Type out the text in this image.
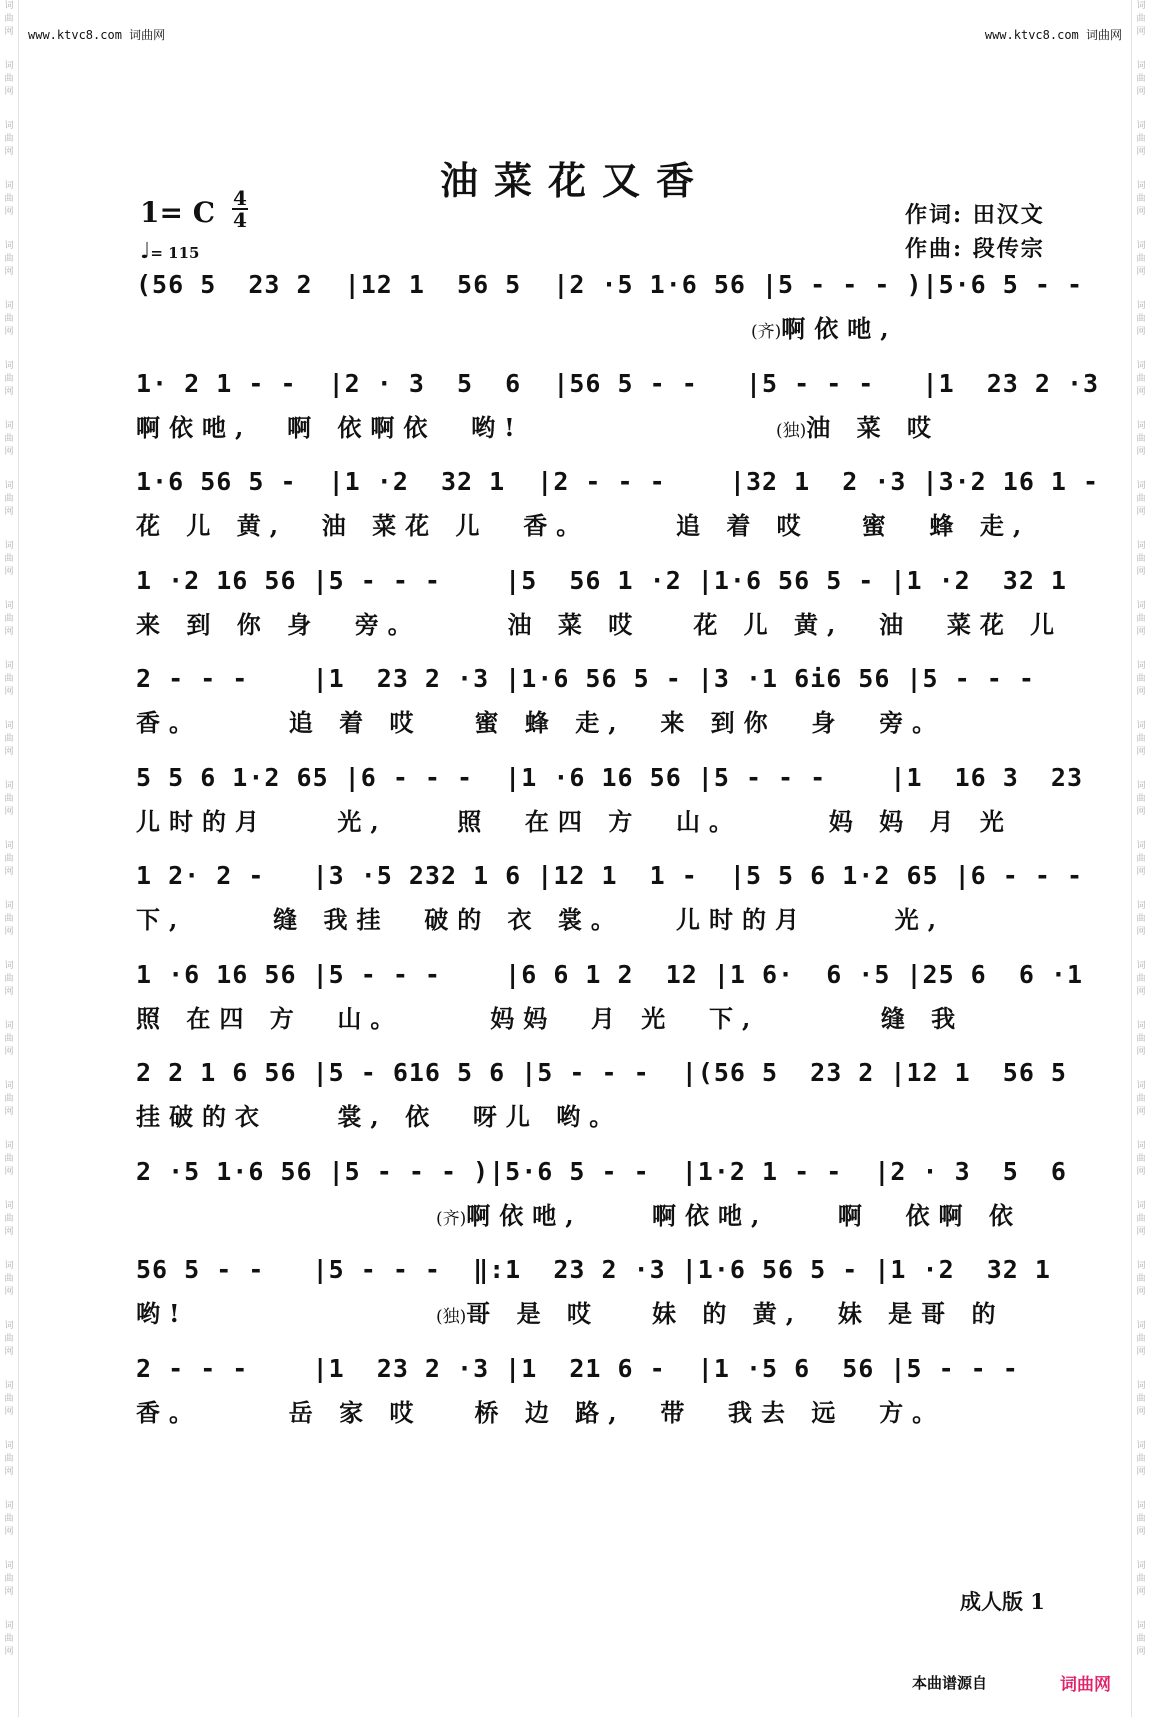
词
曲
网
词
曲
网
词
曲
网
词
曲
网
词
曲
网
词
曲
网
词
曲
网
词
曲
网
词
曲
网
词
曲
网
词
曲
网
词
曲
网
词
曲
网
词
曲
网
词
曲
网
词
曲
网
词
曲
网
词
曲
网
词
曲
网
词
曲
网
词
曲
网
词
曲
网
词
曲
网
词
曲
网
词
曲
网
词
曲
网
词
曲
网
词
曲
网
词
曲
网
词
曲
网
词
曲
网
词
曲
网
词
曲
网
词
曲
网
词
曲
网
词
曲
网
词
曲
网
词
曲
网
词
曲
网
词
曲
网
词
曲
网
词
曲
网
词
曲
网
词
曲
网
词
曲
网
词
曲
网
词
曲
网
词
曲
网
词
曲
网
词
曲
网
词
曲
网
词
曲
网
词
曲
网
词
曲
网
词
曲
网
词
曲
网
www.ktvc8.com 词曲网	www.ktvc8.com 词曲网
油菜花又香
1= C 4
4
♩= 115
作词: 田汉文
作曲: 段传宗
(56 5  23 2  |12 1  56 5  |2 ·5 1·6 56 |5 - - - )|5·6 5 - -
(齐)啊依吔,
1· 2 1 - -  |2 · 3  5  6  |56 5 - -   |5 - - -   |1  23 2 ·3
啊依吔,  啊 依啊依  哟!	(独)油 菜 哎
1·6 56 5 -  |1 ·2  32 1  |2 - - -    |32 1  2 ·3 |3·2 16 1 -
花 儿 黄,  油 菜花 儿  香。     追 着 哎   蜜  蜂 走,
1 ·2 16 56 |5 - - -    |5  56 1 ·2 |1·6 56 5 - |1 ·2  32 1
来 到 你 身  旁。     油 菜 哎   花 儿 黄,  油  菜花 儿
2 - - -    |1  23 2 ·3 |1·6 56 5 - |3 ·1 6i6 56 |5 - - -
香。     追 着 哎   蜜 蜂 走,  来 到你  身  旁。
5 5 6 1·2 65 |6 - - -  |1 ·6 16 56 |5 - - -    |1  16 3  23
儿时的月    光,    照  在四 方  山。     妈 妈 月 光
1 2· 2 -   |3 ·5 232 1 6 |12 1  1 -  |5 5 6 1·2 65 |6 - - -
下,     缝 我挂  破的 衣 裳。   儿时的月     光,
1 ·6 16 56 |5 - - -    |6 6 1 2  12 |1 6·  6 ·5 |25 6  6 ·1
照 在四 方  山。     妈妈  月 光  下,       缝 我
2 2 1 6 56 |5 - 616 5 6 |5 - - -  |(56 5  23 2 |12 1  56 5
挂破的衣    裳, 依  呀儿 哟。
2 ·5 1·6 56 |5 - - - )|5·6 5 - -  |1·2 1 - -  |2 · 3  5  6
(齐)啊依吔,    啊依吔,    啊  依啊 依
56 5 - -   |5 - - -  ‖:1  23 2 ·3 |1·6 56 5 - |1 ·2  32 1
哟!	(独)哥 是 哎   妹 的 黄,  妹 是哥 的
2 - - -    |1  23 2 ·3 |1  21 6 -  |1 ·5 6  56 |5 - - -
香。     岳 家 哎   桥 边 路,  带  我去 远  方。
成人版 1
本曲谱源自	词曲网
